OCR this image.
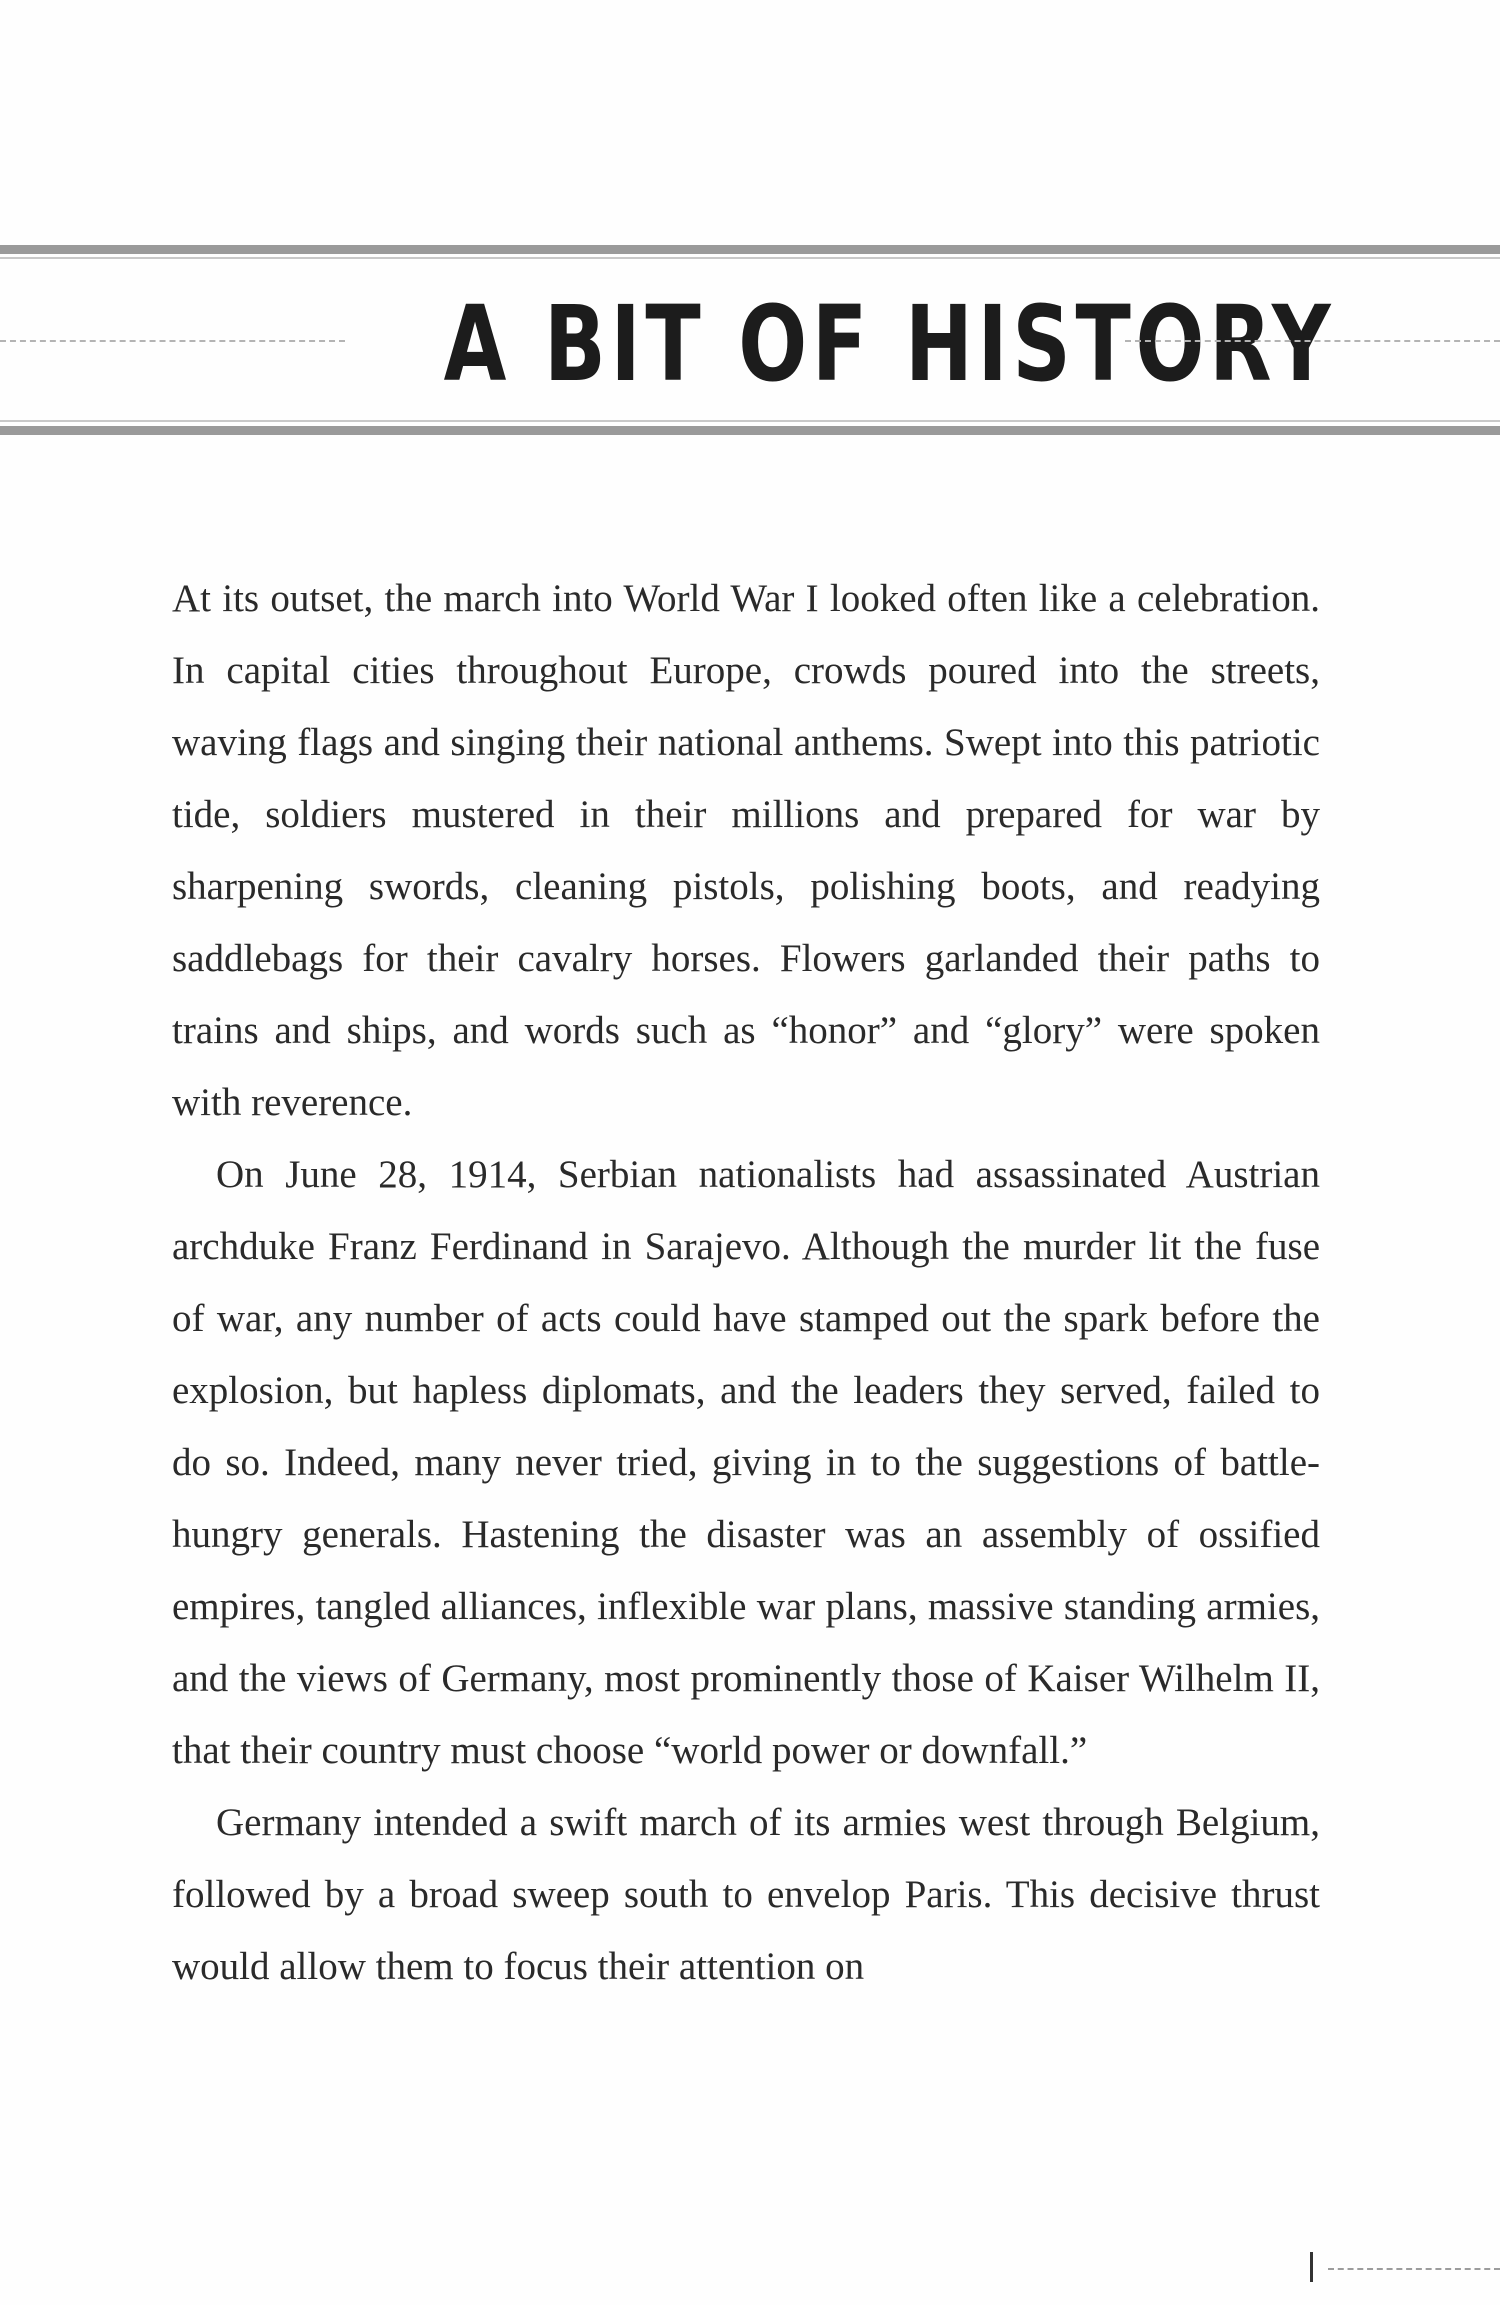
A BIT OF HISTORY

At its outset, the march into World War I looked often like a celebration. In capital cities throughout Europe, crowds poured into the streets, waving flags and singing their national anthems. Swept into this patriotic tide, soldiers mustered in their millions and prepared for war by sharpening swords, cleaning pistols, polishing boots, and readying saddlebags for their cavalry horses. Flowers garlanded their paths to trains and ships, and words such as “honor” and “glory” were spoken with reverence.

On June 28, 1914, Serbian nationalists had assassinated Austrian archduke Franz Ferdinand in Sarajevo. Although the murder lit the fuse of war, any number of acts could have stamped out the spark before the explosion, but hapless diplomats, and the leaders they served, failed to do so. Indeed, many never tried, giving in to the suggestions of battle-hungry generals. Hastening the disaster was an assembly of ossified empires, tangled alliances, inflexible war plans, massive standing armies, and the views of Germany, most prominently those of Kaiser Wilhelm II, that their country must choose “world power or downfall.”

Germany intended a swift march of its armies west through Belgium, followed by a broad sweep south to envelop Paris. This decisive thrust would allow them to focus their attention on
